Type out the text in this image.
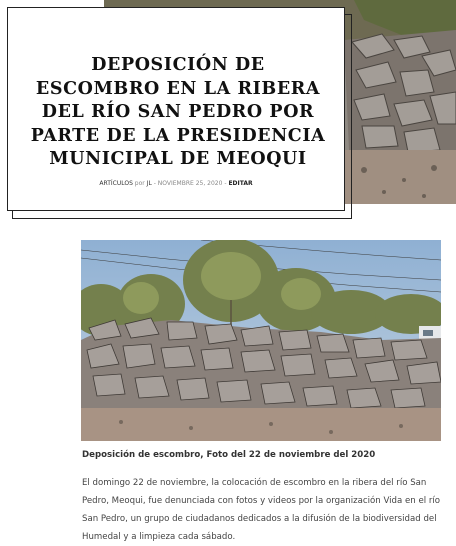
DEPOSICIÓN DE ESCOMBRO EN LA RIBERA DEL RÍO SAN PEDRO POR PARTE DE LA PRESIDENCIA MUNICIPAL DE MEOQUI
ARTÍCULOS por JL - NOVIEMBRE 25, 2020 - EDITAR

Deposición de escombro, Foto del 22 de noviembre del 2020

El domingo 22 de noviembre, la colocación de escombro en la ribera del río San Pedro, Meoqui, fue denunciada con fotos y videos por la organización Vida en el río San Pedro, un grupo de ciudadanos dedicados a la difusión de la biodiversidad del Humedal y a limpieza cada sábado.
